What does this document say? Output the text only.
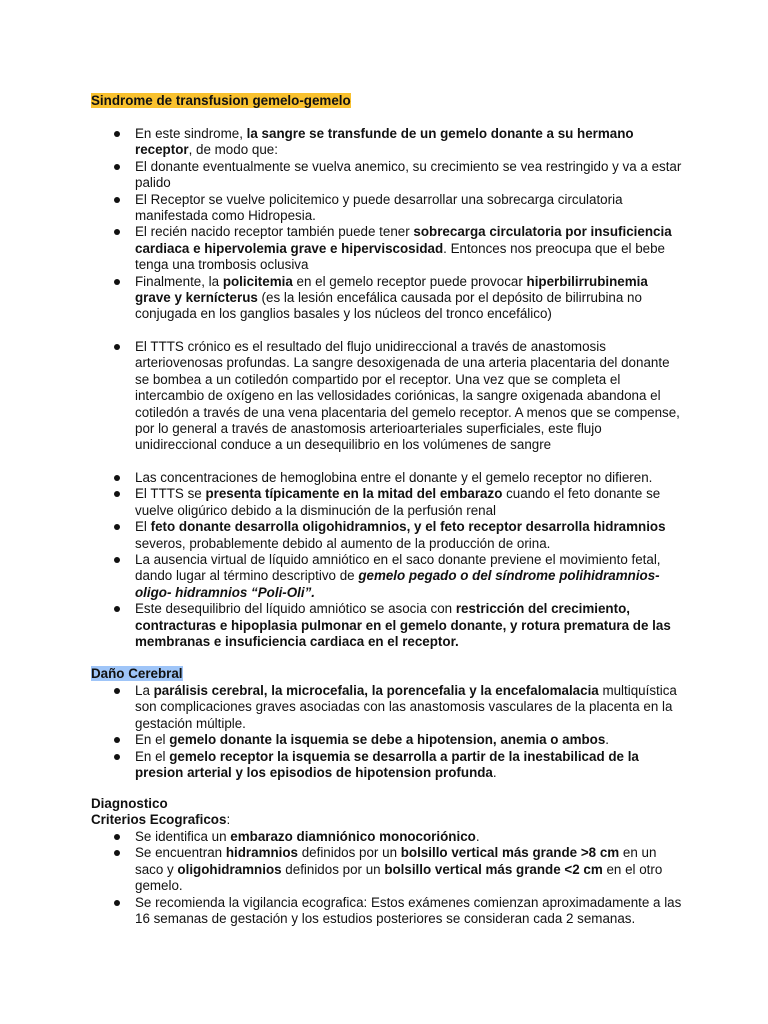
Sindrome de transfusion gemelo-gemelo
En este sindrome, la sangre se transfunde de un gemelo donante a su hermano receptor, de modo que:
El donante eventualmente se vuelva anemico, su crecimiento se vea restringido y va a estar palido
El Receptor se vuelve policitemico y puede desarrollar una sobrecarga circulatoria manifestada como Hidropesia.
El recién nacido receptor también puede tener sobrecarga circulatoria por insuficiencia cardiaca e hipervolemia grave e hiperviscosidad. Entonces nos preocupa que el bebe tenga una trombosis oclusiva
Finalmente, la policitemia en el gemelo receptor puede provocar hiperbilirrubinemia grave y kernícterus (es la lesión encefálica causada por el depósito de bilirrubina no conjugada en los ganglios basales y los núcleos del tronco encefálico)
El TTTS crónico es el resultado del flujo unidireccional a través de anastomosis arteriovenosas profundas. La sangre desoxigenada de una arteria placentaria del donante se bombea a un cotiledón compartido por el receptor. Una vez que se completa el intercambio de oxígeno en las vellosidades coriónicas, la sangre oxigenada abandona el cotiledón a través de una vena placentaria del gemelo receptor. A menos que se compense, por lo general a través de anastomosis arterioarteriales superficiales, este flujo unidireccional conduce a un desequilibrio en los volúmenes de sangre
Las concentraciones de hemoglobina entre el donante y el gemelo receptor no difieren.
El TTTS se presenta típicamente en la mitad del embarazo cuando el feto donante se vuelve oligúrico debido a la disminución de la perfusión renal
El feto donante desarrolla oligohidramnios, y el feto receptor desarrolla hidramnios severos, probablemente debido al aumento de la producción de orina.
La ausencia virtual de líquido amniótico en el saco donante previene el movimiento fetal, dando lugar al término descriptivo de gemelo pegado o del síndrome polihidramnios-oligo- hidramnios “Poli-Oli”.
Este desequilibrio del líquido amniótico se asocia con restricción del crecimiento, contracturas e hipoplasia pulmonar en el gemelo donante, y rotura prematura de las membranas e insuficiencia cardiaca en el receptor.
Daño Cerebral
La parálisis cerebral, la microcefalia, la porencefalia y la encefalomalacia multiquística son complicaciones graves asociadas con las anastomosis vasculares de la placenta en la gestación múltiple.
En el gemelo donante la isquemia se debe a hipotension, anemia o ambos.
En el gemelo receptor la isquemia se desarrolla a partir de la inestabilicad de la presion arterial y los episodios de hipotension profunda.
Diagnostico
Criterios Ecograficos:
Se identifica un embarazo diamniónico monocoriónico.
Se encuentran hidramnios definidos por un bolsillo vertical más grande >8 cm en un saco y oligohidramnios definidos por un bolsillo vertical más grande <2 cm en el otro gemelo.
Se recomienda la vigilancia ecografica: Estos exámenes comienzan aproximadamente a las 16 semanas de gestación y los estudios posteriores se consideran cada 2 semanas.
